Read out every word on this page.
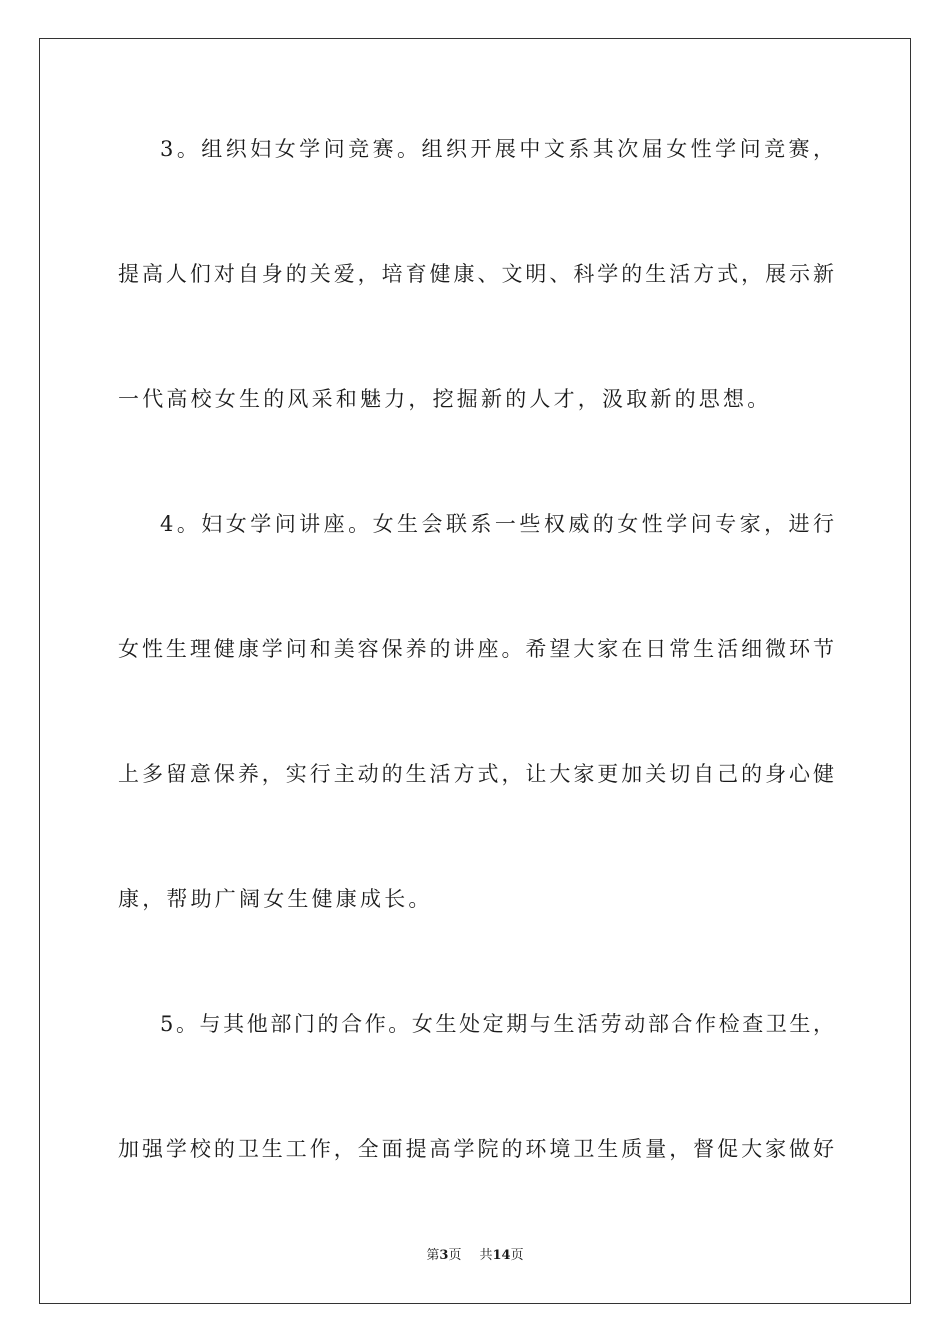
3。组织妇女学问竞赛。组织开展中文系其次届女性学问竞赛，
提高人们对自身的关爱，培育健康、文明、科学的生活方式，展示新
一代高校女生的风采和魅力，挖掘新的人才，汲取新的思想。
4。妇女学问讲座。女生会联系一些权威的女性学问专家，进行
女性生理健康学问和美容保养的讲座。希望大家在日常生活细微环节
上多留意保养，实行主动的生活方式，让大家更加关切自己的身心健
康，帮助广阔女生健康成长。
5。与其他部门的合作。女生处定期与生活劳动部合作检查卫生，
加强学校的卫生工作，全面提高学院的环境卫生质量，督促大家做好
第3页 共14页
